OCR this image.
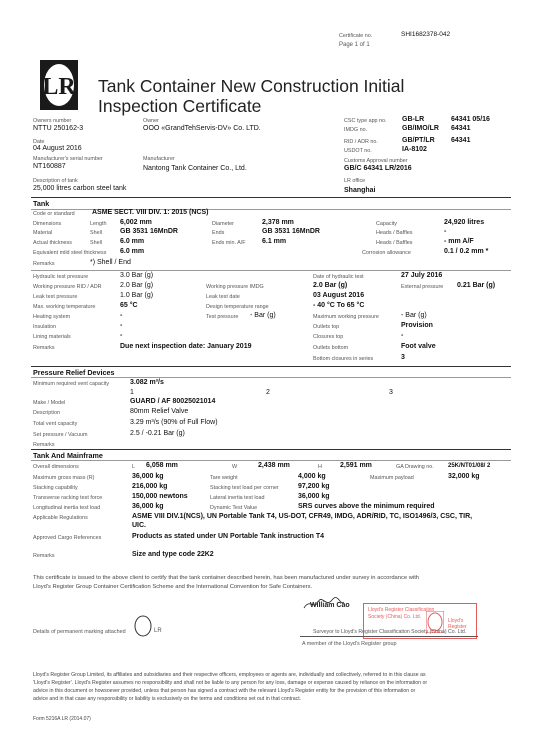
Certificate no.	SHI1682378-042
Page 1 of 1
LR Tank Container New Construction Initial
Inspection Certificate
Owners number
NTTU 250162-3
Owner
OOO «GrandTehServis-DV» Co. LTD.
Date
04 August 2016
Manufacturer's serial number
NT160887
Manufacturer
Nantong Tank Container Co., Ltd.
Description of tank
25,000 litres carbon steel tank
CSC type app no. GB-LR	64341 05/16
IMDG no.	GB/IMO/LR 64341
RID / ADR no.	GB/PT/LR 64341
USDOT no.	IA-8102
Customs Approval number
GB/C 64341 LR/2016
LR office
Shanghai
Tank
Code or standard ASME SECT. VIII DIV. 1: 2015 (NCS)
Dimensions	Length 6,002 mm	Diameter	2,378 mm	Capacity	24,920 litres
Material	Shell	GB 3531 16MnDR	Ends	GB 3531 16MnDR	Heads / Baffles	-
Actual thickness	Shell	6.0 mm	Ends min. A/F 6.1 mm	Heads / Baffles	- mm A/F
Equivalent mild steel thickness 6.0 mm	Corrosion allowance	0.1 / 0.2 mm *
Remarks	*) Shell / End
Hydraulic test pressure	3.0 Bar (g)	Date of hydraulic test	27 July 2016
Working pressure RID / ADR	2.0 Bar (g)	Working pressure IMDG	2.0 Bar (g)	External pressure 0.21 Bar (g)
Leak test pressure	1.0 Bar (g)	Leak test date	03 August 2016
Max. working temperature	65 °C	Design temperature range	- 40 °C To 65 °C
Heating system	-	Test pressure - Bar (g)	Maximum working pressure	- Bar (g)
Insulation	-	Outlets top	Provision
Lining materials	-	Closures top	-
Remarks	Due next inspection date: January 2019	Outlets bottom	Foot valve
Bottom closures in series	3
Pressure Relief Devices
Minimum required vent capacity	3.082 m³/s
1	2	3
Make / Model	GUARD / AF 80025021014
Description	80mm Relief Valve
Total vent capacity	3.29 m³/s (90% of Full Flow)
Set pressure / Vacuum	2.5 / -0.21 Bar (g)
Remarks
Tank And Mainframe
Overall dimensions	L 6,058 mm	W	2,438 mm	H	2,591 mm	GA Drawing no. 25K/NT01/08/ 2
Maximum gross mass (R)	36,000 kg	Tare weight	4,000 kg	Maximum payload	32,000 kg
Stacking capability	216,000 kg	Stacking test load per corner	97,200 kg
Transverse racking test force	150,000 newtons	Lateral inertia test load	36,000 kg
Longitudinal inertia test load	36,000 kg	Dynamic Test Value	SRS curves above the minimum required
Applicable Regulations	ASME VIII DIV.1(NCS), UN Portable Tank T4, US-DOT, CFR49, IMDG, ADR/RID, TC, ISO1496/3, CSC, TIR,
UIC.
Approved Cargo References	Products as stated under UN Portable Tank instruction T4
Remarks	Size and type code 22K2
This certificate is issued to the above client to certify that the tank container described herein, has been manufactured under survey in accordance with
Lloyd's Register Group Container Certification Scheme and the International Convention for Safe Containers.
Details of permanent marking attached	LR
William Cao
Surveyor to Lloyd's Register Classification Society (China) Co. Ltd.
A member of the Lloyd's Register group
Lloyd's Register Classification
Society (China) Co. Ltd.
Lloyd's Register
Lloyd's Register Group Limited, its affiliates and subsidiaries and their respective officers, employees or agents are, individually and collectively, referred to in this clause as
'Lloyd's Register'. Lloyd's Register assumes no responsibility and shall not be liable to any person for any loss, damage or expense caused by reliance on the information or
advice in this document or howsoever provided, unless that person has signed a contract with the relevant Lloyd's Register entity for the provision of this information or
advice and in that case any responsibility or liability is exclusively on the terms and conditions set out in that contract.
Form 5216A LR (2014.07)
